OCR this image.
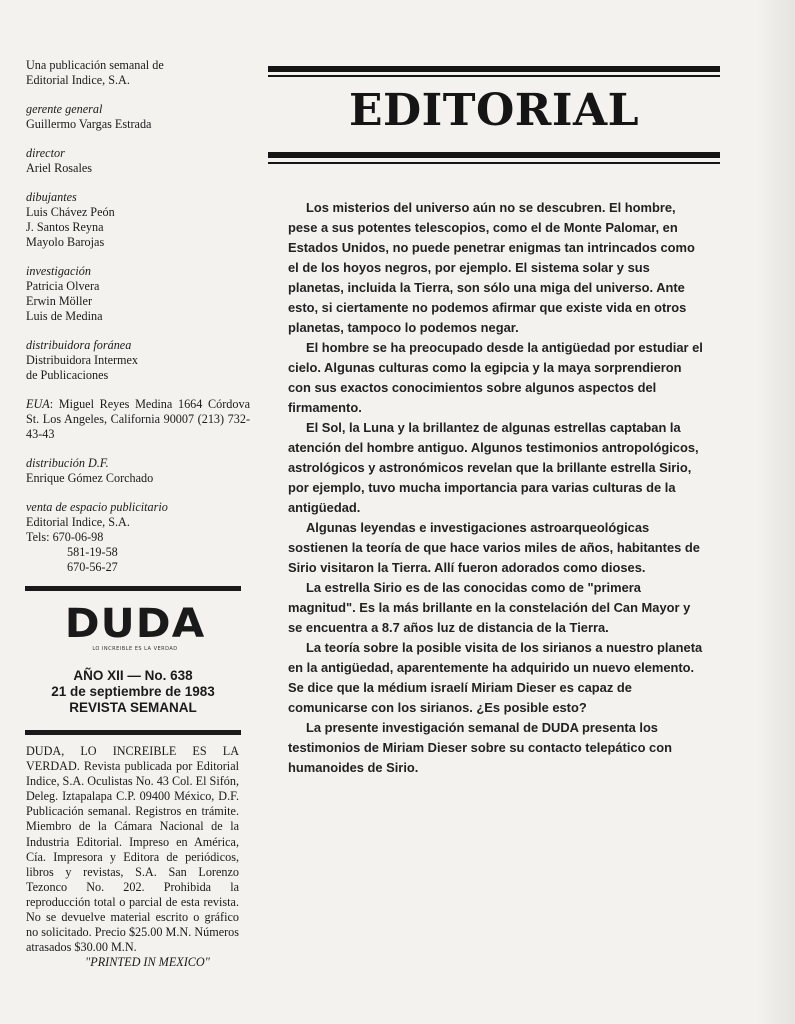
Una publicación semanal de
Editorial Indice, S.A.
gerente general
Guillermo Vargas Estrada
director
Ariel Rosales
dibujantes
Luis Chávez Peón
J. Santos Reyna
Mayolo Barojas
investigación
Patricia Olvera
Erwin Möller
Luis de Medina
distribuidora foránea
Distribuidora Intermex
de Publicaciones
EUA: Miguel Reyes Medina 1664 Córdova St. Los Angeles, California 90007 (213) 732-43-43
distribución D.F.
Enrique Gómez Corchado
venta de espacio publicitario
Editorial Indice, S.A.
Tels: 670-06-98
581-19-58
670-56-27
DUDA
LO INCREIBLE ES LA VERDAD
AÑO XII — No. 638
21 de septiembre de 1983
REVISTA SEMANAL
DUDA, LO INCREIBLE ES LA VERDAD. Revista publicada por Editorial Indice, S.A. Oculistas No. 43 Col. El Sifón, Deleg. Iztapalapa C.P. 09400 México, D.F. Publicación semanal. Registros en trámite. Miembro de la Cámara Nacional de la Industria Editorial. Impreso en América, Cía. Impresora y Editora de periódicos, libros y revistas, S.A. San Lorenzo Tezonco No. 202. Prohibida la reproducción total o parcial de esta revista. No se devuelve material escrito o gráfico no solicitado. Precio $25.00 M.N. Números atrasados $30.00 M.N.
"PRINTED IN MEXICO"
EDITORIAL

Los misterios del universo aún no se descubren. El hombre, pese a sus potentes telescopios, como el de Monte Palomar, en Estados Unidos, no puede penetrar enigmas tan intrincados como el de los hoyos negros, por ejemplo. El sistema solar y sus planetas, incluida la Tierra, son sólo una miga del universo. Ante esto, si ciertamente no podemos afirmar que existe vida en otros planetas, tampoco lo podemos negar.

El hombre se ha preocupado desde la antigüedad por estudiar el cielo. Algunas culturas como la egipcia y la maya sorprendieron con sus exactos conocimientos sobre algunos aspectos del firmamento.

El Sol, la Luna y la brillantez de algunas estrellas captaban la atención del hombre antiguo. Algunos testimonios antropológicos, astrológicos y astronómicos revelan que la brillante estrella Sirio, por ejemplo, tuvo mucha importancia para varias culturas de la antigüedad.

Algunas leyendas e investigaciones astroarqueológicas sostienen la teoría de que hace varios miles de años, habitantes de Sirio visitaron la Tierra. Allí fueron adorados como dioses.

La estrella Sirio es de las conocidas como de "primera magnitud". Es la más brillante en la constelación del Can Mayor y se encuentra a 8.7 años luz de distancia de la Tierra.

La teoría sobre la posible visita de los sirianos a nuestro planeta en la antigüedad, aparentemente ha adquirido un nuevo elemento. Se dice que la médium israelí Miriam Dieser es capaz de comunicarse con los sirianos. ¿Es posible esto?

La presente investigación semanal de DUDA presenta los testimonios de Miriam Dieser sobre su contacto telepático con humanoides de Sirio.
